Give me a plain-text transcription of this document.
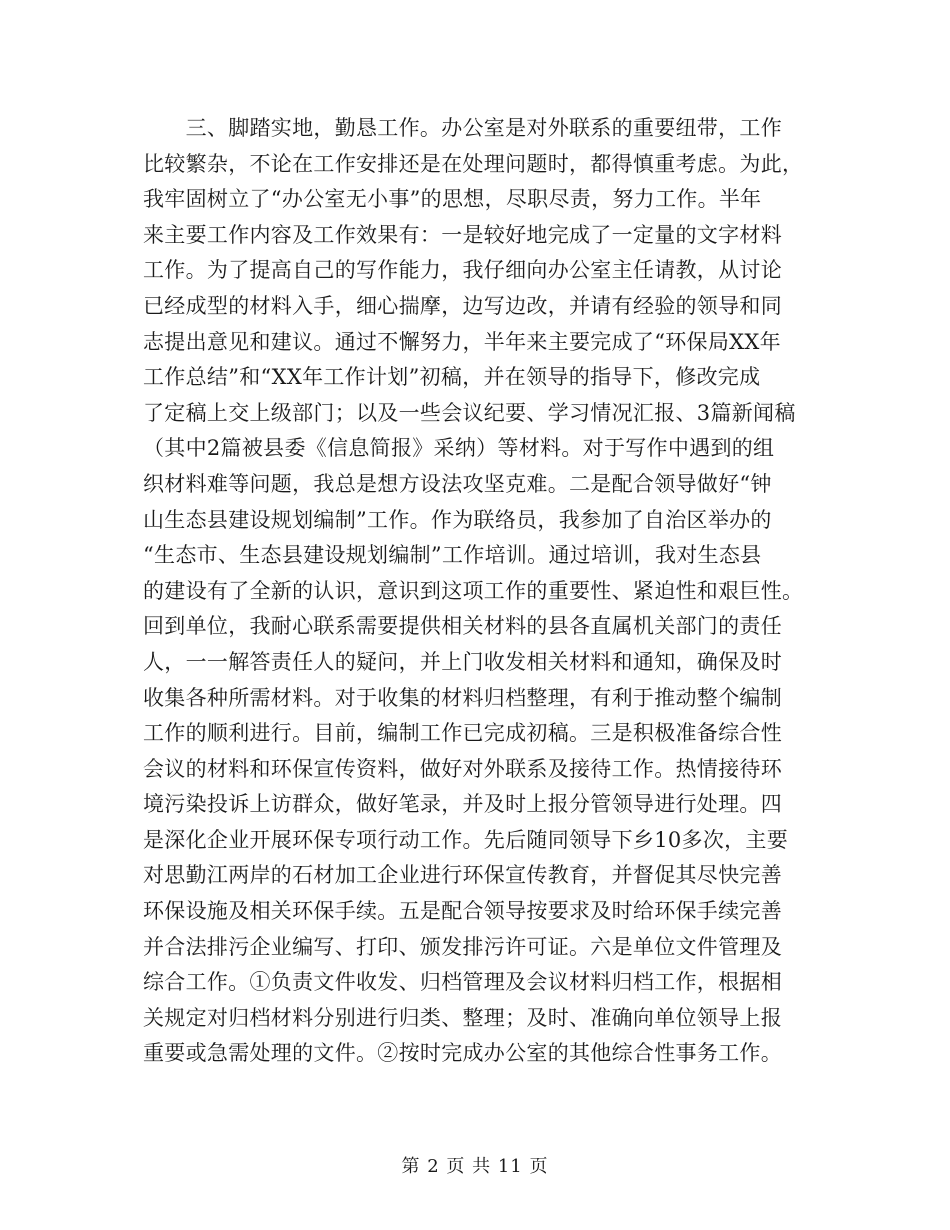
　　三、脚踏实地，勤恳工作。办公室是对外联系的重要纽带，工作
比较繁杂，不论在工作安排还是在处理问题时，都得慎重考虑。为此，
我牢固树立了“办公室无小事”的思想，尽职尽责，努力工作。半年
来主要工作内容及工作效果有：一是较好地完成了一定量的文字材料
工作。为了提高自己的写作能力，我仔细向办公室主任请教，从讨论
已经成型的材料入手，细心揣摩，边写边改，并请有经验的领导和同
志提出意见和建议。通过不懈努力，半年来主要完成了“环保局XX年
工作总结”和“XX年工作计划”初稿，并在领导的指导下，修改完成
了定稿上交上级部门；以及一些会议纪要、学习情况汇报、3篇新闻稿
（其中2篇被县委《信息简报》采纳）等材料。对于写作中遇到的组
织材料难等问题，我总是想方设法攻坚克难。二是配合领导做好“钟
山生态县建设规划编制”工作。作为联络员，我参加了自治区举办的
“生态市、生态县建设规划编制”工作培训。通过培训，我对生态县
的建设有了全新的认识，意识到这项工作的重要性、紧迫性和艰巨性。
回到单位，我耐心联系需要提供相关材料的县各直属机关部门的责任
人，一一解答责任人的疑问，并上门收发相关材料和通知，确保及时
收集各种所需材料。对于收集的材料归档整理，有利于推动整个编制
工作的顺利进行。目前，编制工作已完成初稿。三是积极准备综合性
会议的材料和环保宣传资料，做好对外联系及接待工作。热情接待环
境污染投诉上访群众，做好笔录，并及时上报分管领导进行处理。四
是深化企业开展环保专项行动工作。先后随同领导下乡10多次，主要
对思勤江两岸的石材加工企业进行环保宣传教育，并督促其尽快完善
环保设施及相关环保手续。五是配合领导按要求及时给环保手续完善
并合法排污企业编写、打印、颁发排污许可证。六是单位文件管理及
综合工作。①负责文件收发、归档管理及会议材料归档工作，根据相
关规定对归档材料分别进行归类、整理；及时、准确向单位领导上报
重要或急需处理的文件。②按时完成办公室的其他综合性事务工作。
第 2 页 共 11 页
